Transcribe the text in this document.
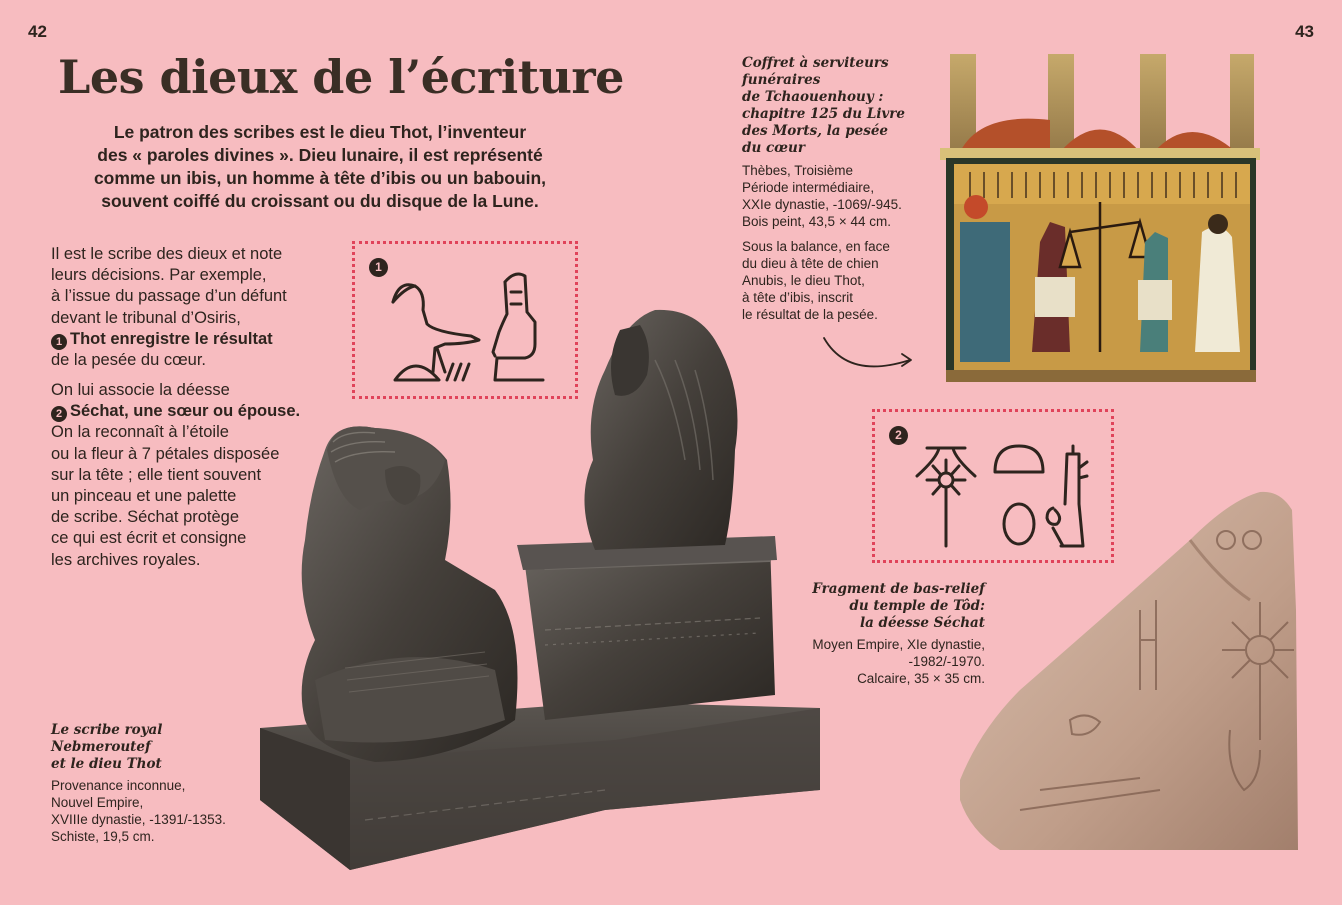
42	43
Les dieux de l’écriture
Le patron des scribes est le dieu Thot, l’inventeur
des « paroles divines ». Dieu lunaire, il est représenté
comme un ibis, un homme à tête d’ibis ou un babouin,
souvent coiffé du croissant ou du disque de la Lune.
Il est le scribe des dieux et note
leurs décisions. Par exemple,
à l’issue du passage d’un défunt
devant le tribunal d’Osiris,
1 Thot enregistre le résultat
de la pesée du cœur.
On lui associe la déesse
2 Séchat, une sœur ou épouse.
On la reconnaît à l’étoile
ou la fleur à 7 pétales disposée
sur la tête ; elle tient souvent
un pinceau et une palette
de scribe. Séchat protège
ce qui est écrit et consigne
les archives royales.
1
2
Le scribe royal
Nebmeroutef
et le dieu Thot
Provenance inconnue,
Nouvel Empire,
XVIIIe dynastie, -1391/-1353.
Schiste, 19,5 cm.
Coffret à serviteurs
funéraires
de Tchaouenhouy :
chapitre 125 du Livre
des Morts, la pesée
du cœur
Thèbes, Troisième
Période intermédiaire,
XXIe dynastie, -1069/-945.
Bois peint, 43,5 × 44 cm.
Sous la balance, en face
du dieu à tête de chien
Anubis, le dieu Thot,
à tête d’ibis, inscrit
le résultat de la pesée.
Fragment de bas-relief
du temple de Tôd:
la déesse Séchat
Moyen Empire, XIe dynastie,
-1982/-1970.
Calcaire, 35 × 35 cm.
